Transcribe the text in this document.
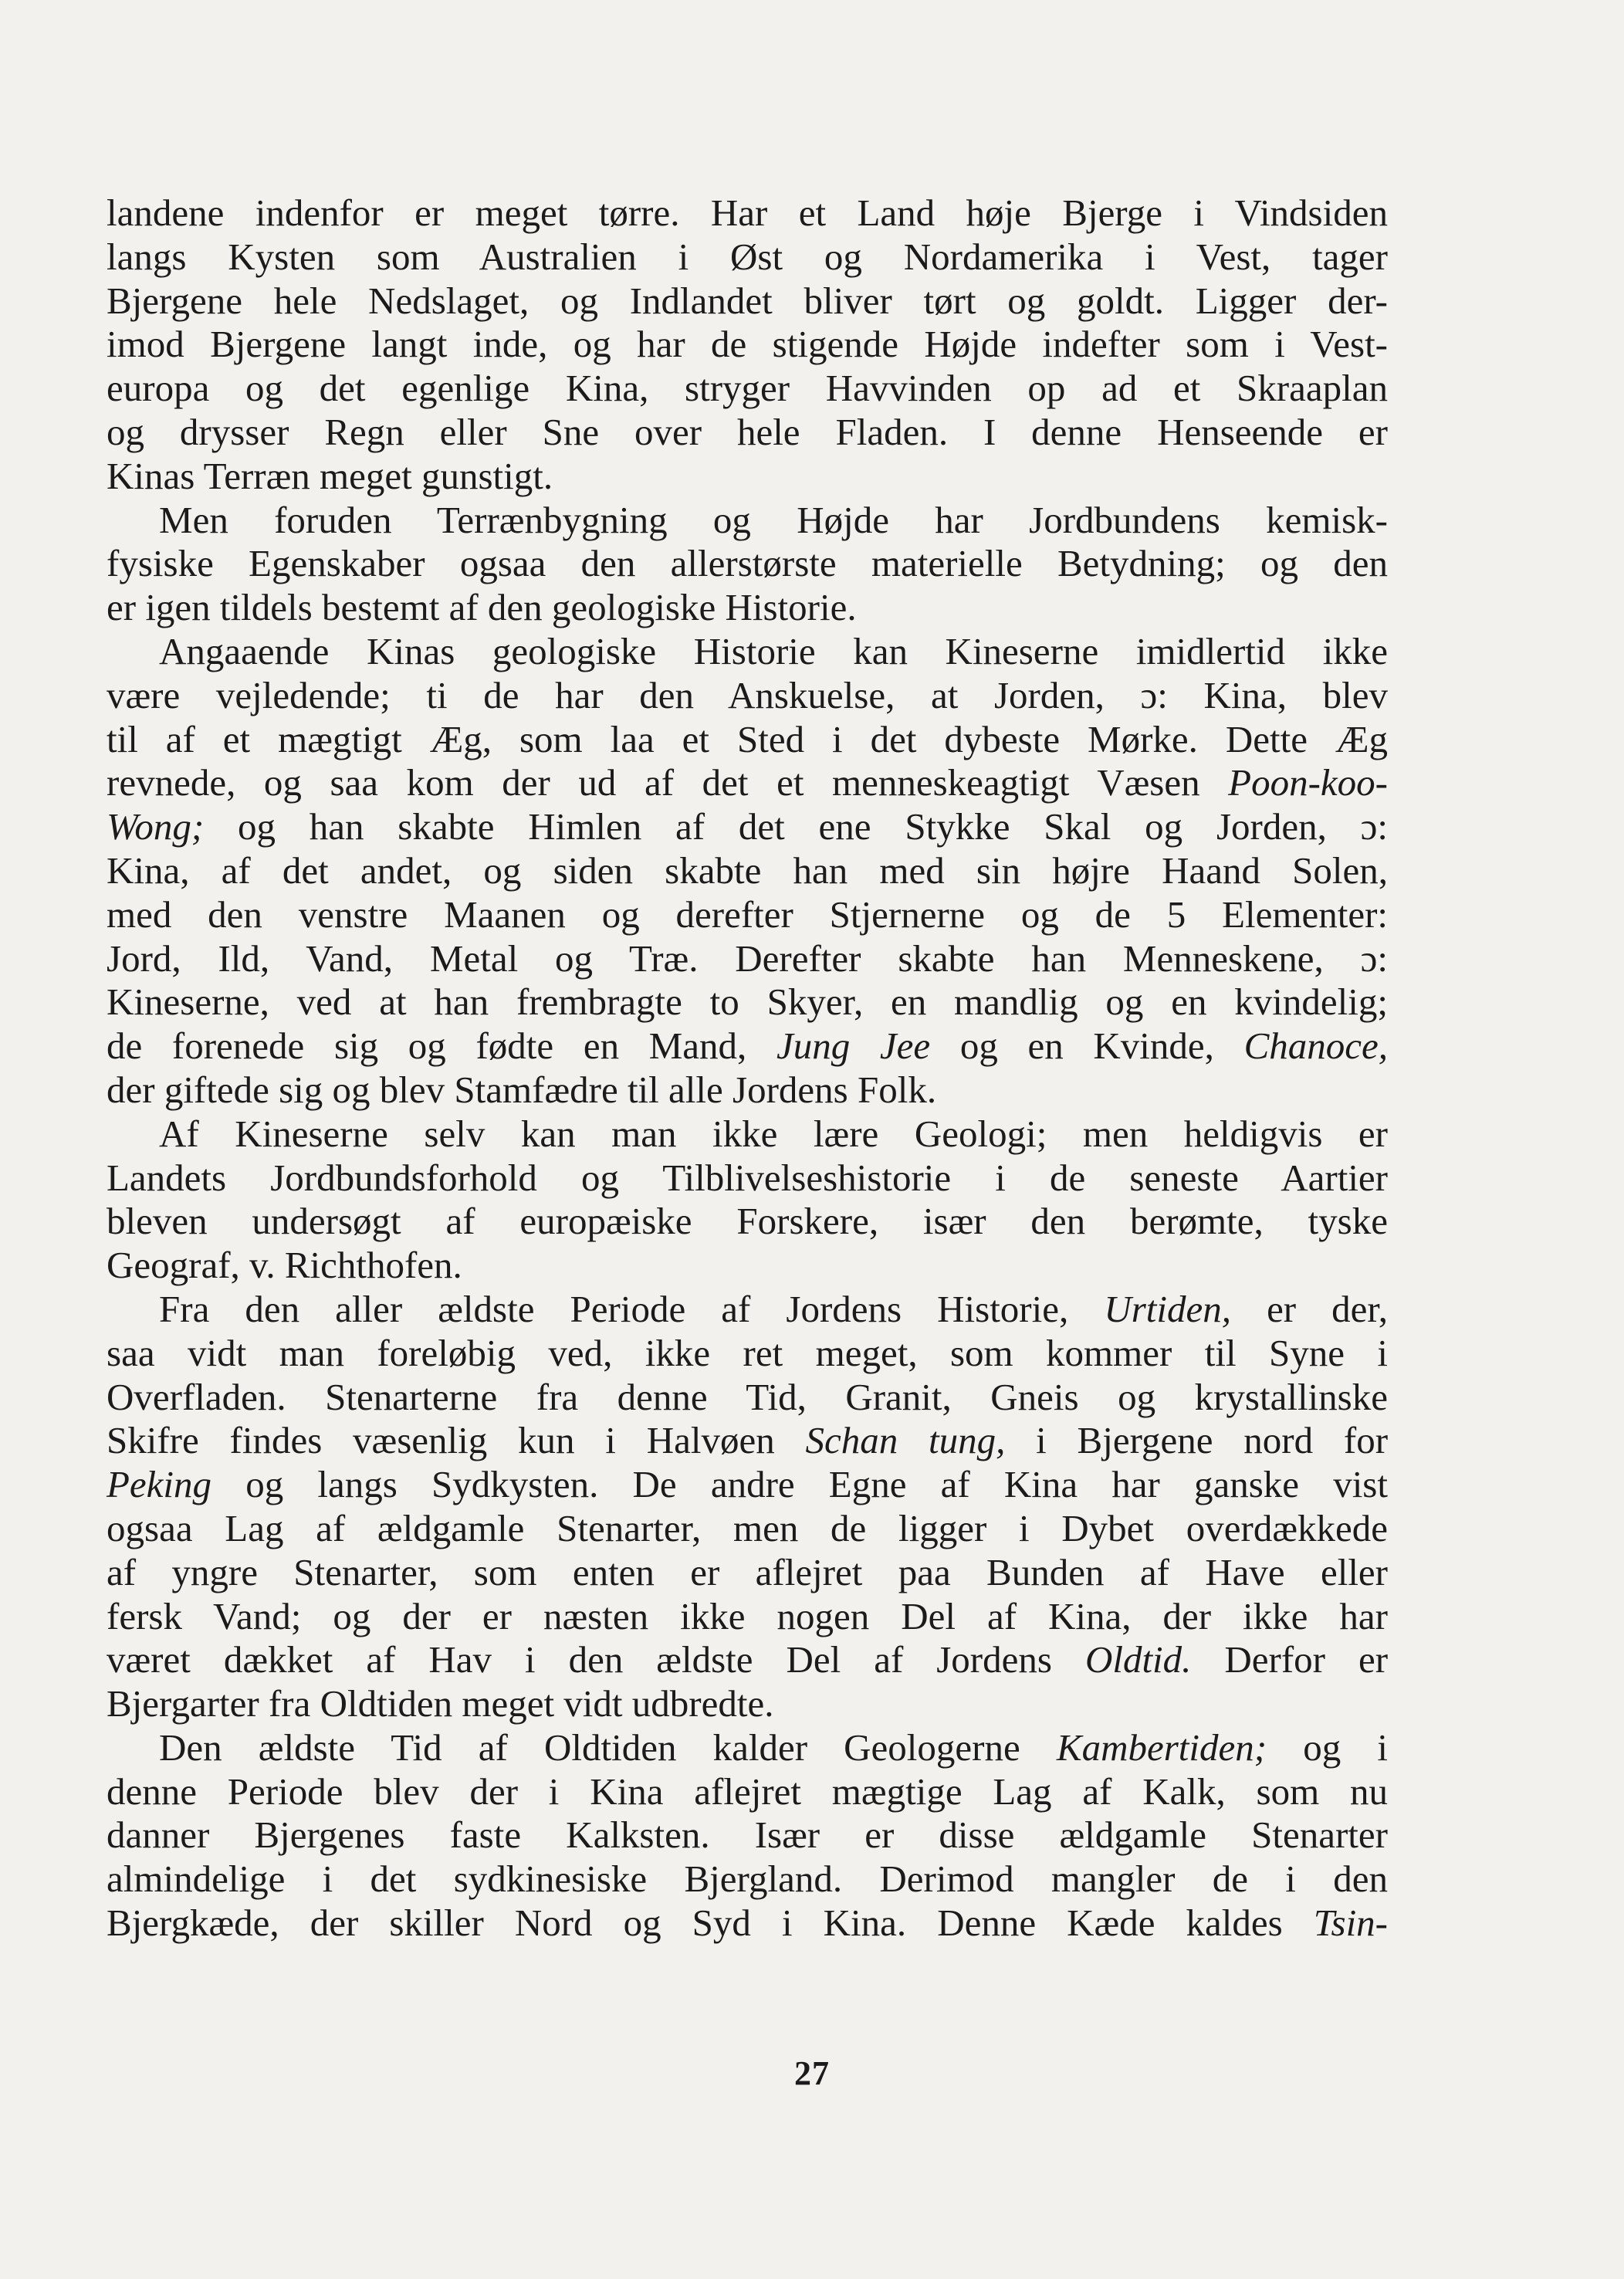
landene indenfor er meget tørre. Har et Land høje Bjerge i Vindsiden
langs Kysten som Australien i Øst og Nordamerika i Vest, tager
Bjergene hele Nedslaget, og Indlandet bliver tørt og goldt. Ligger der-
imod Bjergene langt inde, og har de stigende Højde indefter som i Vest-
europa og det egenlige Kina, stryger Havvinden op ad et Skraaplan
og drysser Regn eller Sne over hele Fladen. I denne Henseende er
Kinas Terræn meget gunstigt.
Men foruden Terrænbygning og Højde har Jordbundens kemisk-
fysiske Egenskaber ogsaa den allerstørste materielle Betydning; og den
er igen tildels bestemt af den geologiske Historie.
Angaaende Kinas geologiske Historie kan Kineserne imidlertid ikke
være vejledende; ti de har den Anskuelse, at Jorden, ɔ: Kina, blev
til af et mægtigt Æg, som laa et Sted i det dybeste Mørke. Dette Æg
revnede, og saa kom der ud af det et menneskeagtigt Væsen Poon-koo-
Wong; og han skabte Himlen af det ene Stykke Skal og Jorden, ɔ:
Kina, af det andet, og siden skabte han med sin højre Haand Solen,
med den venstre Maanen og derefter Stjernerne og de 5 Elementer:
Jord, Ild, Vand, Metal og Træ. Derefter skabte han Menneskene, ɔ:
Kineserne, ved at han frembragte to Skyer, en mandlig og en kvindelig;
de forenede sig og fødte en Mand, Jung Jee og en Kvinde, Chanoce,
der giftede sig og blev Stamfædre til alle Jordens Folk.
Af Kineserne selv kan man ikke lære Geologi; men heldigvis er
Landets Jordbundsforhold og Tilblivelseshistorie i de seneste Aartier
bleven undersøgt af europæiske Forskere, især den berømte, tyske
Geograf, v. Richthofen.
Fra den aller ældste Periode af Jordens Historie, Urtiden, er der,
saa vidt man foreløbig ved, ikke ret meget, som kommer til Syne i
Overfladen. Stenarterne fra denne Tid, Granit, Gneis og krystallinske
Skifre findes væsenlig kun i Halvøen Schan tung, i Bjergene nord for
Peking og langs Sydkysten. De andre Egne af Kina har ganske vist
ogsaa Lag af ældgamle Stenarter, men de ligger i Dybet overdækkede
af yngre Stenarter, som enten er aflejret paa Bunden af Have eller
fersk Vand; og der er næsten ikke nogen Del af Kina, der ikke har
været dækket af Hav i den ældste Del af Jordens Oldtid. Derfor er
Bjergarter fra Oldtiden meget vidt udbredte.
Den ældste Tid af Oldtiden kalder Geologerne Kambertiden; og i
denne Periode blev der i Kina aflejret mægtige Lag af Kalk, som nu
danner Bjergenes faste Kalksten. Især er disse ældgamle Stenarter
almindelige i det sydkinesiske Bjergland. Derimod mangler de i den
Bjergkæde, der skiller Nord og Syd i Kina. Denne Kæde kaldes Tsin-
27
